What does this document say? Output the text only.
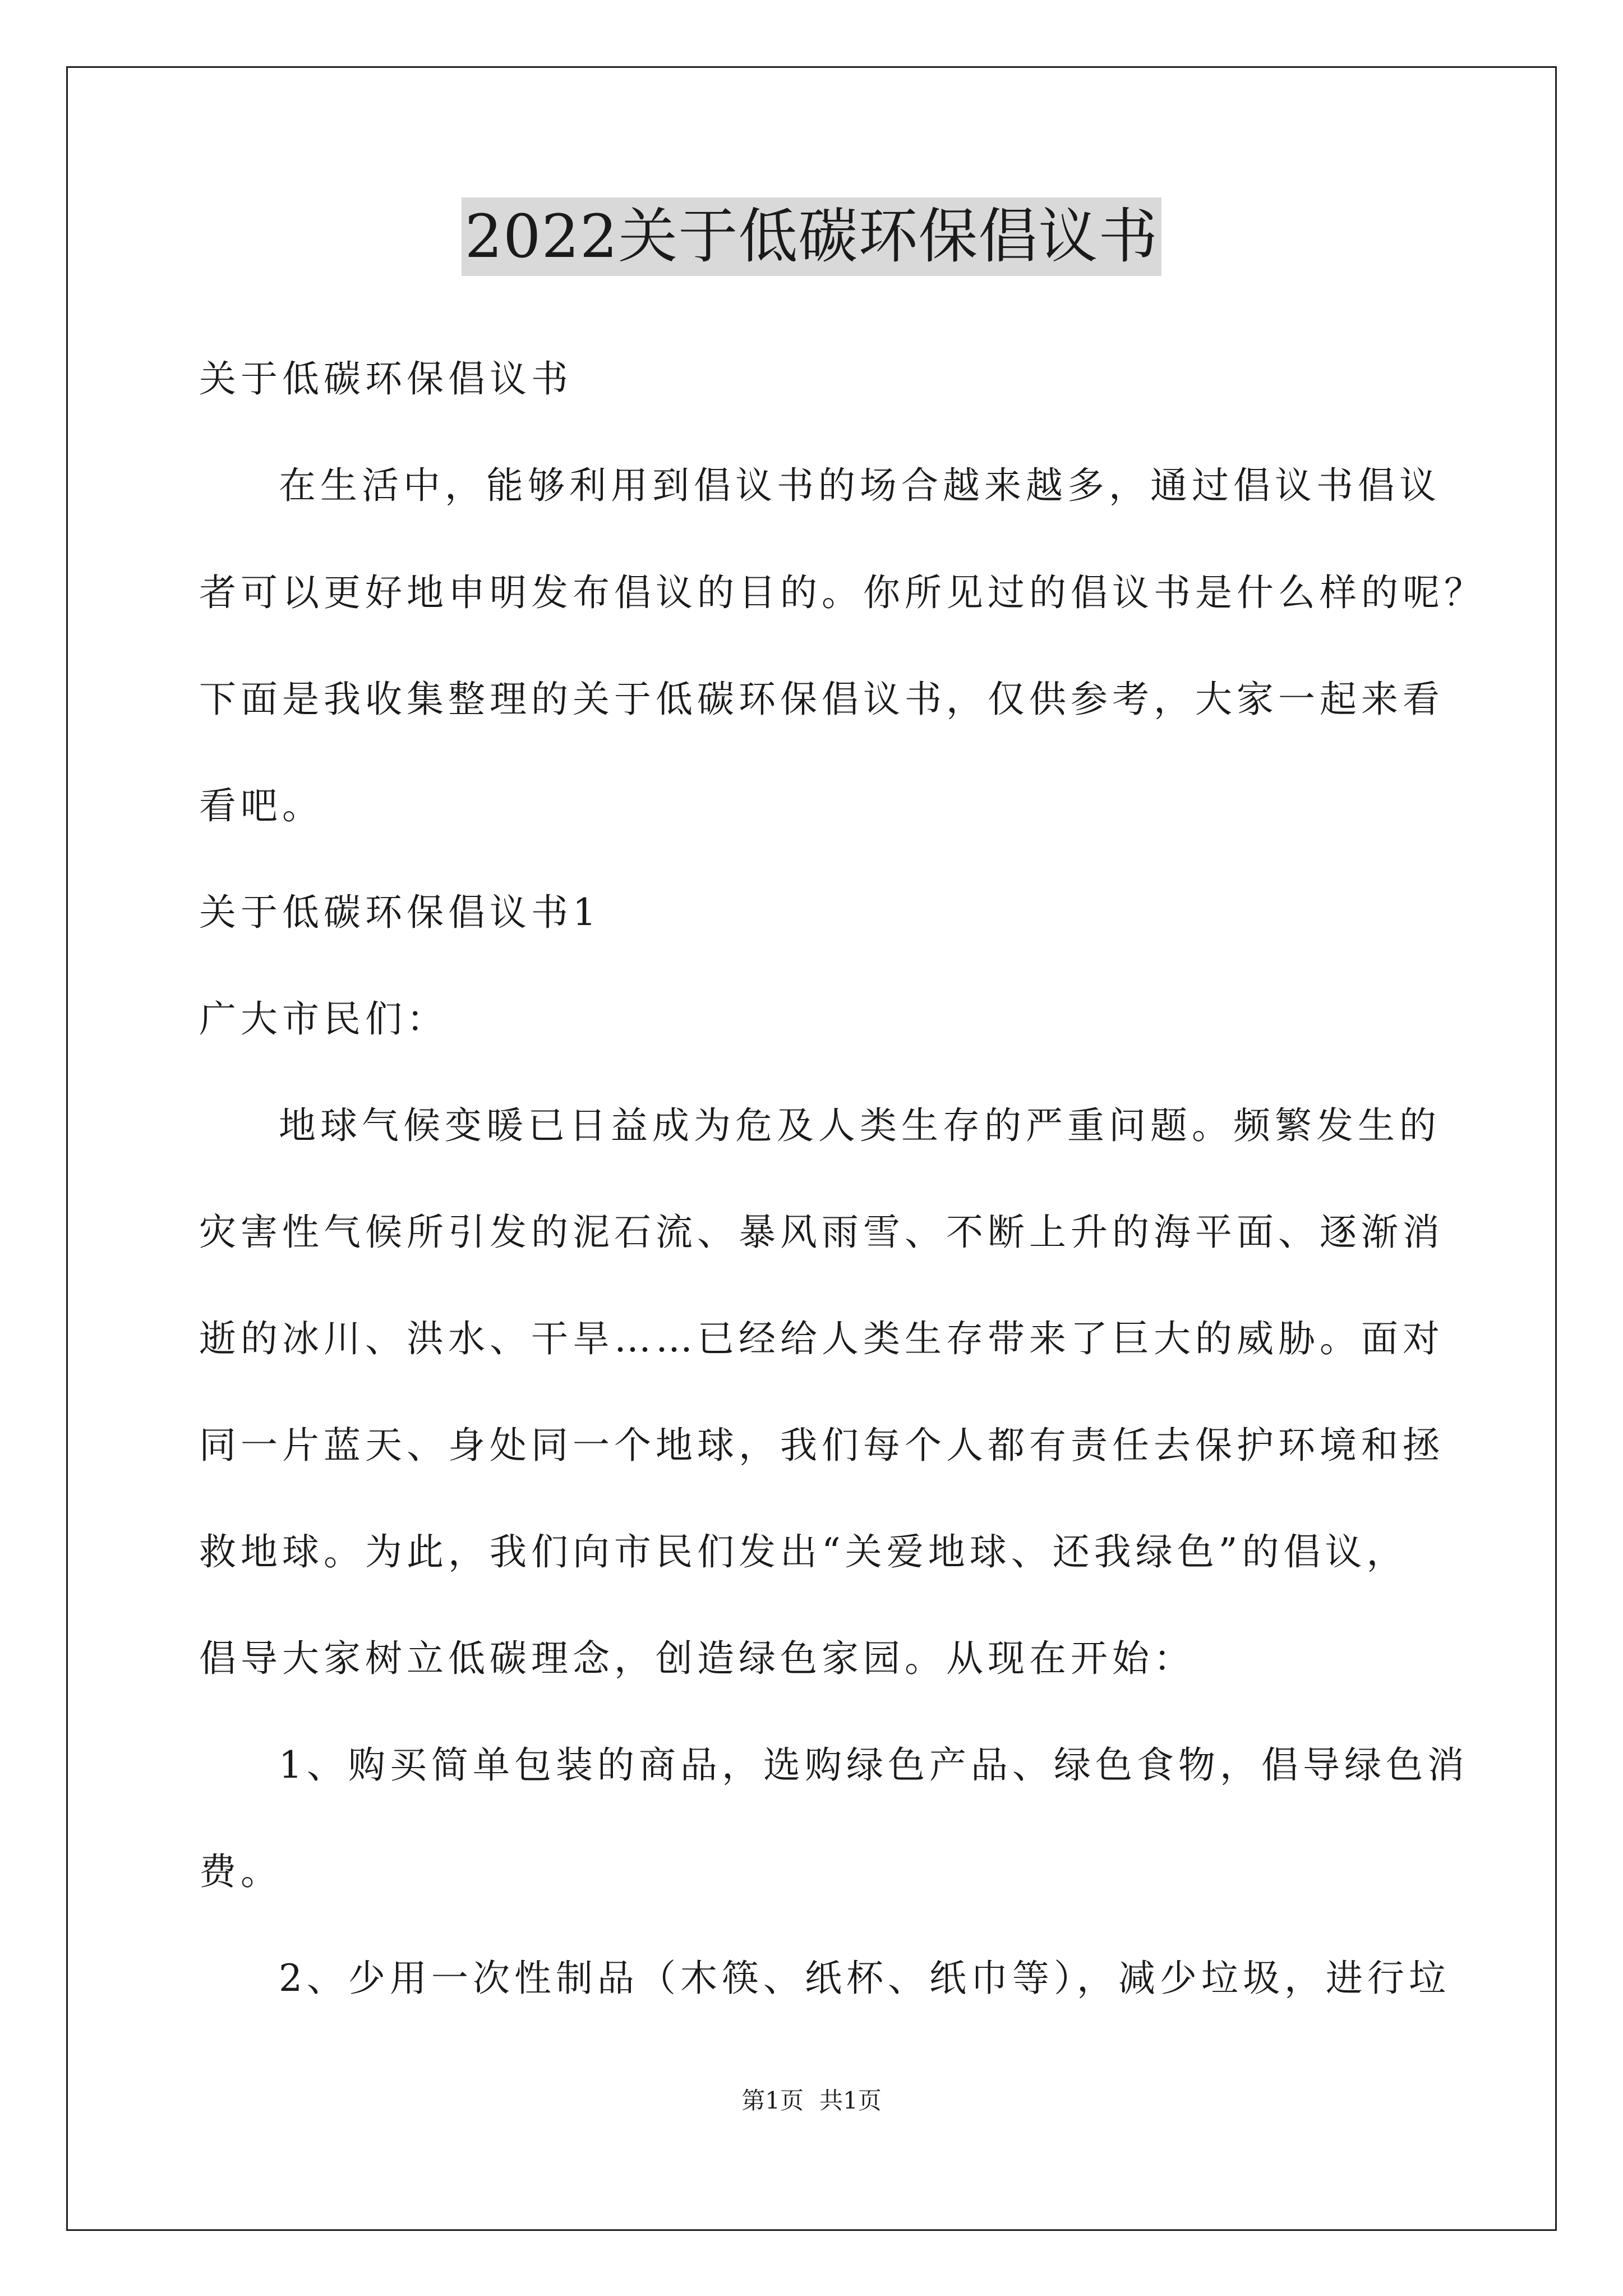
2022关于低碳环保倡议书
关于低碳环保倡议书
在生活中，能够利用到倡议书的场合越来越多，通过倡议书倡议
者可以更好地申明发布倡议的目的。你所见过的倡议书是什么样的呢？
下面是我收集整理的关于低碳环保倡议书，仅供参考，大家一起来看
看吧。
关于低碳环保倡议书1
广大市民们：
地球气候变暖已日益成为危及人类生存的严重问题。频繁发生的
灾害性气候所引发的泥石流、暴风雨雪、不断上升的海平面、逐渐消
逝的冰川、洪水、干旱……已经给人类生存带来了巨大的威胁。面对
同一片蓝天、身处同一个地球，我们每个人都有责任去保护环境和拯
救地球。为此，我们向市民们发出“关爱地球、还我绿色”的倡议，
倡导大家树立低碳理念，创造绿色家园。从现在开始：
1、购买简单包装的商品，选购绿色产品、绿色食物，倡导绿色消
费。
2、少用一次性制品（木筷、纸杯、纸巾等），减少垃圾，进行垃
第1页 共1页
